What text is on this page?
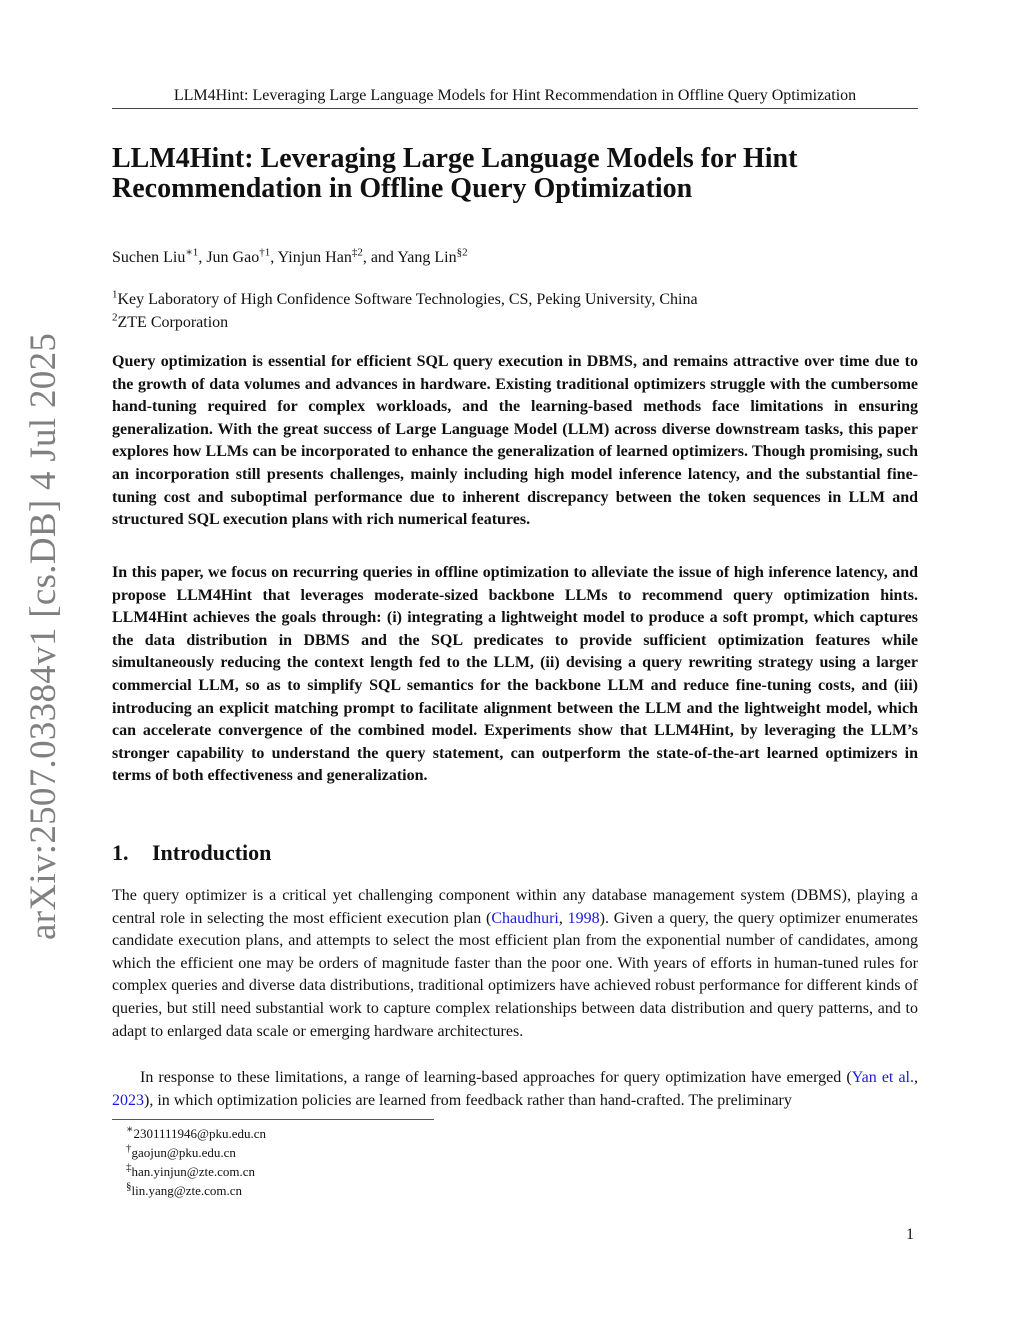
LLM4Hint: Leveraging Large Language Models for Hint Recommendation in Offline Query Optimization
arXiv:2507.03384v1 [cs.DB] 4 Jul 2025
LLM4Hint: Leveraging Large Language Models for Hint
Recommendation in Offline Query Optimization
Suchen Liu$^{∗1}$, Jun Gao$^{\dagger 1}$, Yinjun Han$^{\ddagger 2}$, and Yang Lin$^{\S 2}$
$^1$Key Laboratory of High Confidence Software Technologies, CS, Peking University, China
$^2$ZTE Corporation

Query optimization is essential for efficient SQL query execution in DBMS, and remains attractive over time due to the growth of data volumes and advances in hardware. Existing traditional optimizers struggle with the cumbersome hand-tuning required for complex workloads, and the learning-based methods face limitations in ensuring generalization. With the great success of Large Language Model (LLM) across diverse downstream tasks, this paper explores how LLMs can be incorporated to enhance the generalization of learned optimizers. Though promising, such an incorporation still presents challenges, mainly including high model inference latency, and the substantial fine-tuning cost and suboptimal performance due to inherent discrepancy between the token sequences in LLM and structured SQL execution plans with rich numerical features.

In this paper, we focus on recurring queries in offline optimization to alleviate the issue of high inference latency, and propose LLM4Hint that leverages moderate-sized backbone LLMs to recommend query optimization hints. LLM4Hint achieves the goals through: (i) integrating a lightweight model to produce a soft prompt, which captures the data distribution in DBMS and the SQL predicates to provide sufficient optimization features while simultaneously reducing the context length fed to the LLM, (ii) devising a query rewriting strategy using a larger commercial LLM, so as to simplify SQL semantics for the backbone LLM and reduce fine-tuning costs, and (iii) introducing an explicit matching prompt to facilitate alignment between the LLM and the lightweight model, which can accelerate convergence of the combined model. Experiments show that LLM4Hint, by leveraging the LLM’s stronger capability to understand the query statement, can outperform the state-of-the-art learned optimizers in terms of both effectiveness and generalization.

1. Introduction

The query optimizer is a critical yet challenging component within any database management system (DBMS), playing a central role in selecting the most efficient execution plan (Chaudhuri, 1998). Given a query, the query optimizer enumerates candidate execution plans, and attempts to select the most efficient plan from the exponential number of candidates, among which the efficient one may be orders of magnitude faster than the poor one. With years of efforts in human-tuned rules for complex queries and diverse data distributions, traditional optimizers have achieved robust performance for different kinds of queries, but still need substantial work to capture complex relationships between data distribution and query patterns, and to adapt to enlarged data scale or emerging hardware architectures.

In response to these limitations, a range of learning-based approaches for query optimization have emerged (Yan et al., 2023), in which optimization policies are learned from feedback rather than hand-crafted. The preliminary

∗2301111946@pku.edu.cn
†gaojun@pku.edu.cn
‡han.yinjun@zte.com.cn
§lin.yang@zte.com.cn
1
